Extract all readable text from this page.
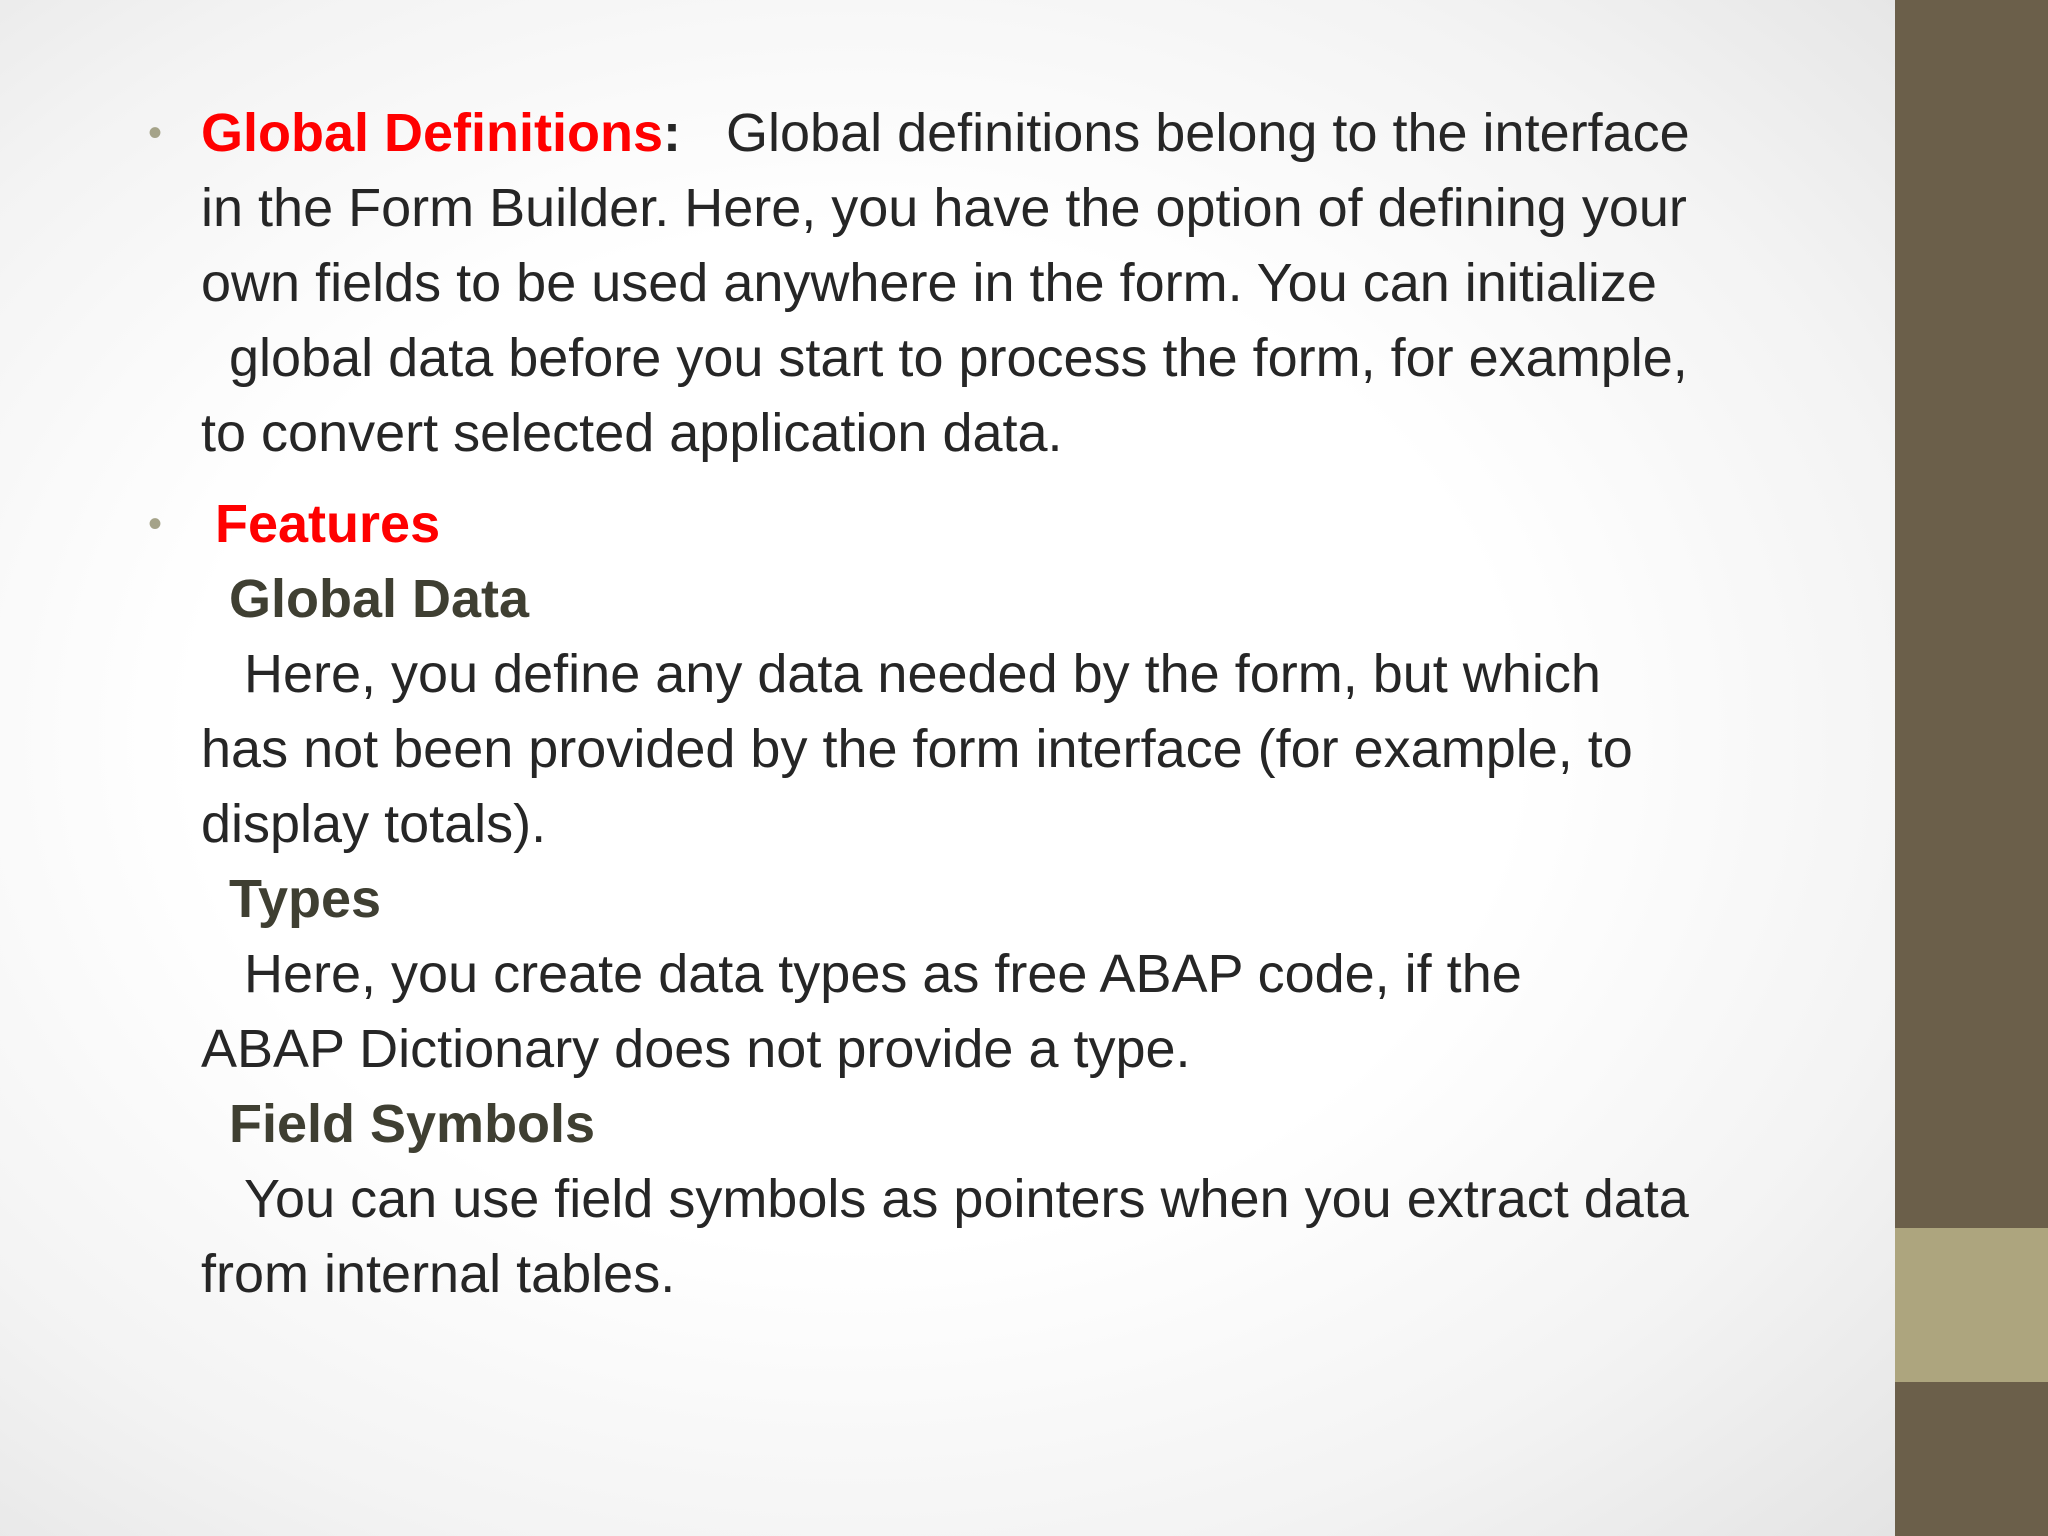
• Global Definitions: Global definitions belong to the interface
in the Form Builder. Here, you have the option of defining your
own fields to be used anywhere in the form. You can initialize
global data before you start to process the form, for example,
to convert selected application data.
• Features
Global Data
Here, you define any data needed by the form, but which
has not been provided by the form interface (for example, to
display totals).
Types
Here, you create data types as free ABAP code, if the
ABAP Dictionary does not provide a type.
Field Symbols
You can use field symbols as pointers when you extract data
from internal tables.
